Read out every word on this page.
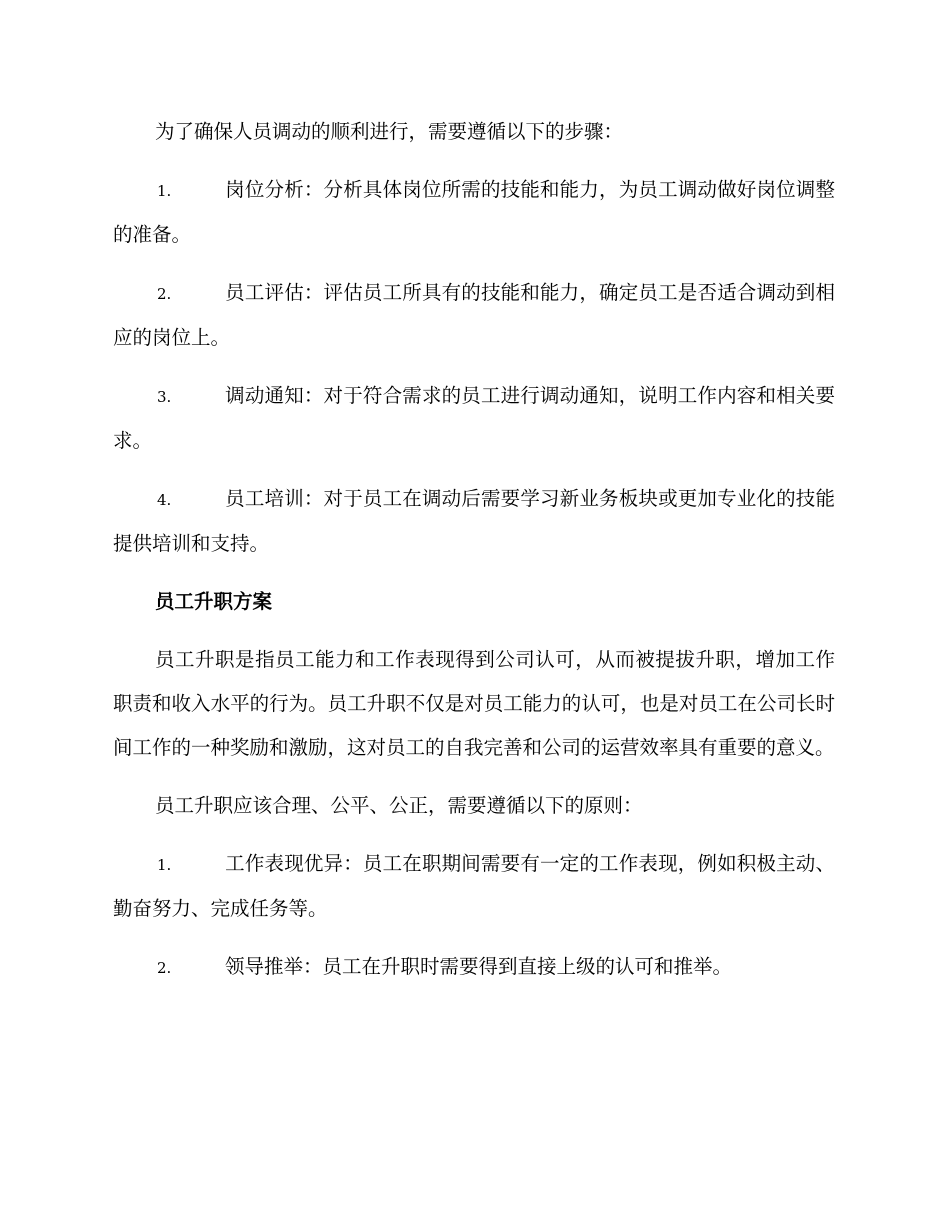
为了确保人员调动的顺利进行，需要遵循以下的步骤：

1.	岗位分析：分析具体岗位所需的技能和能力，为员工调动做好岗位调整的准备。
2.	员工评估：评估员工所具有的技能和能力，确定员工是否适合调动到相应的岗位上。
3.	调动通知：对于符合需求的员工进行调动通知，说明工作内容和相关要求。
4.	员工培训：对于员工在调动后需要学习新业务板块或更加专业化的技能提供培训和支持。

员工升职方案

员工升职是指员工能力和工作表现得到公司认可，从而被提拔升职，增加工作职责和收入水平的行为。员工升职不仅是对员工能力的认可，也是对员工在公司长时间工作的一种奖励和激励，这对员工的自我完善和公司的运营效率具有重要的意义。

员工升职应该合理、公平、公正，需要遵循以下的原则：

1.	工作表现优异：员工在职期间需要有一定的工作表现，例如积极主动、勤奋努力、完成任务等。
2.	领导推举：员工在升职时需要得到直接上级的认可和推举。
